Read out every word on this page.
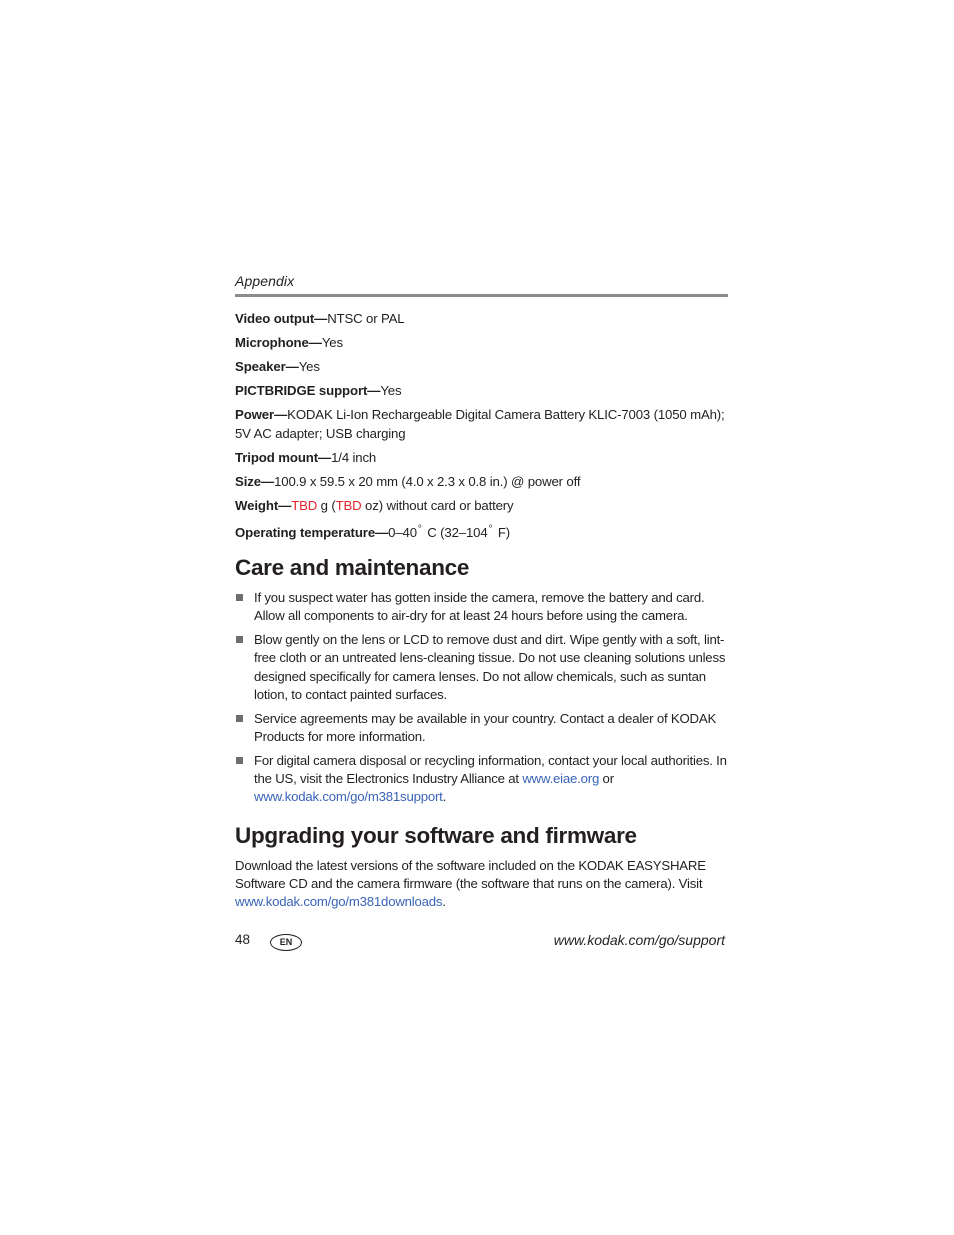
Appendix

Video output—NTSC or PAL

Microphone—Yes

Speaker—Yes

PICTBRIDGE support—Yes

Power—KODAK Li-Ion Rechargeable Digital Camera Battery KLIC-7003 (1050 mAh); 5V AC adapter; USB charging

Tripod mount—1/4 inch

Size—100.9 x 59.5 x 20 mm (4.0 x 2.3 x 0.8 in.) @ power off

Weight—TBD g (TBD oz) without card or battery

Operating temperature—0–40° C (32–104° F)

Care and maintenance
If you suspect water has gotten inside the camera, remove the battery and card. Allow all components to air-dry for at least 24 hours before using the camera.
Blow gently on the lens or LCD to remove dust and dirt. Wipe gently with a soft, lint-free cloth or an untreated lens-cleaning tissue. Do not use cleaning solutions unless designed specifically for camera lenses. Do not allow chemicals, such as suntan lotion, to contact painted surfaces.
Service agreements may be available in your country. Contact a dealer of KODAK Products for more information.
For digital camera disposal or recycling information, contact your local authorities. In the US, visit the Electronics Industry Alliance at www.eiae.org or
www.kodak.com/go/m381support.
Upgrading your software and firmware

Download the latest versions of the software included on the KODAK EASYSHARE Software CD and the camera firmware (the software that runs on the camera). Visit www.kodak.com/go/m381downloads.

48	EN	www.kodak.com/go/support
